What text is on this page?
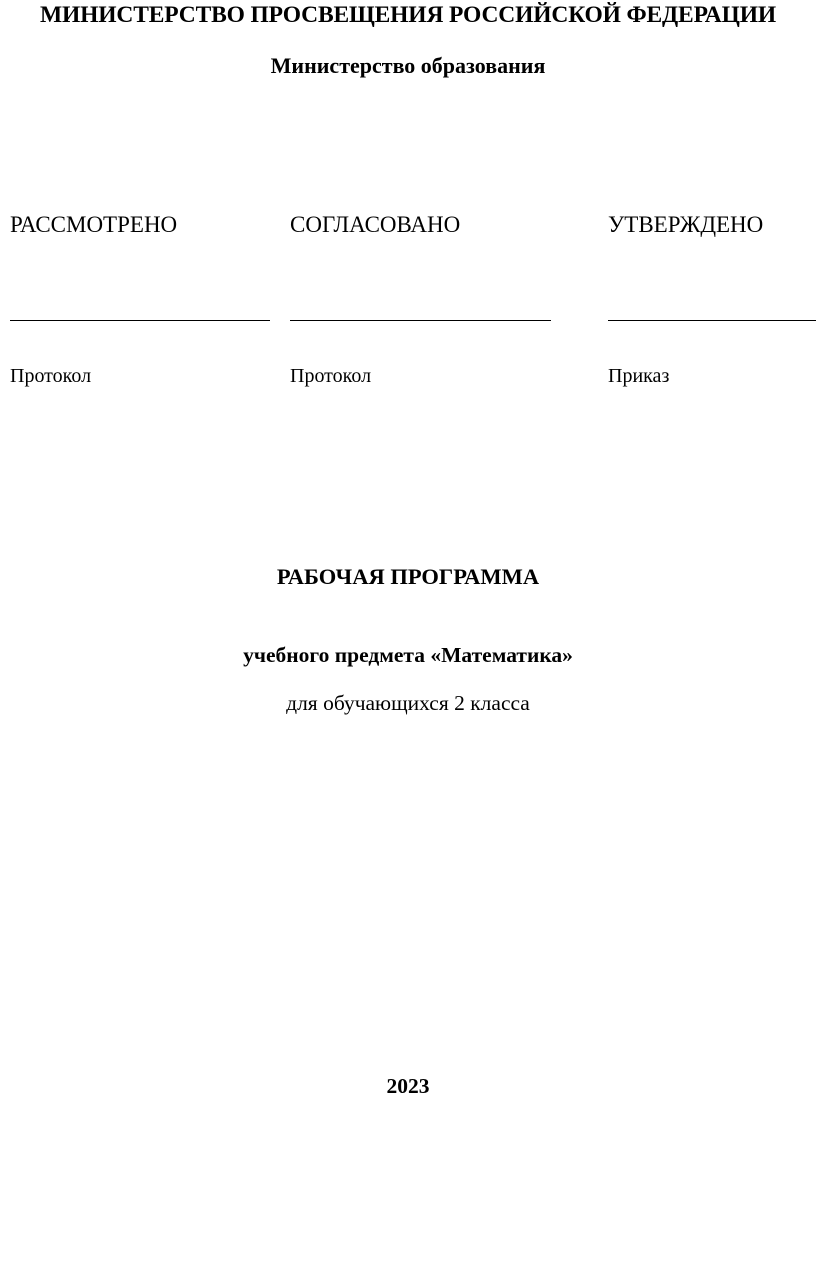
МИНИСТЕРСТВО ПРОСВЕЩЕНИЯ РОССИЙСКОЙ ФЕДЕРАЦИИ
Министерство образования
РАССМОТРЕНО
Протокол
СОГЛАСОВАНО
Протокол
УТВЕРЖДЕНО
Приказ
РАБОЧАЯ ПРОГРАММА
учебного предмета «Математика»
для обучающихся 2 класса
2023
